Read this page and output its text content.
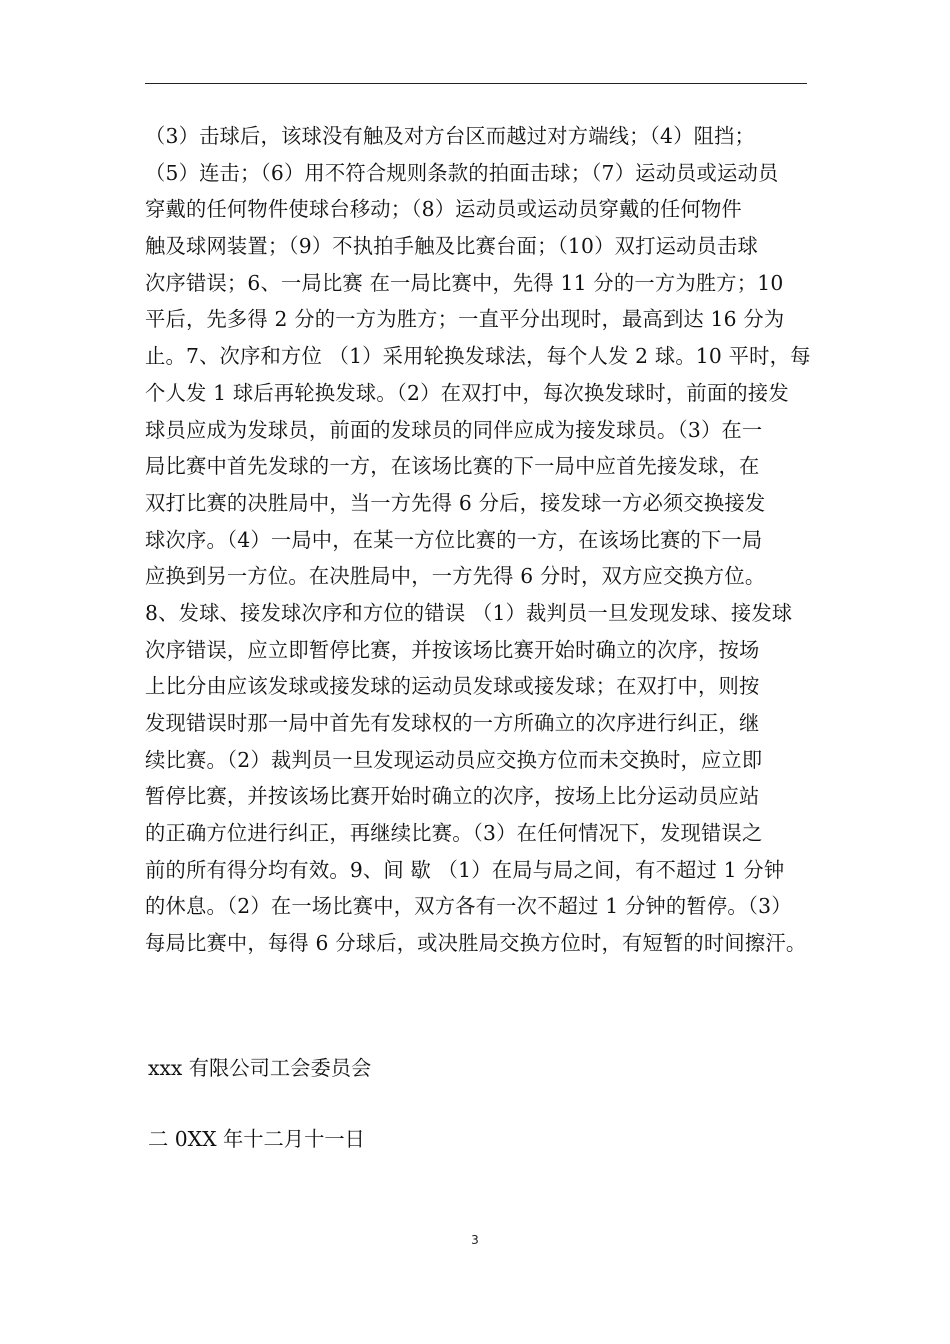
（3）击球后，该球没有触及对方台区而越过对方端线；（4）阻挡；
（5）连击；（6）用不符合规则条款的拍面击球；（7）运动员或运动员
穿戴的任何物件使球台移动；（8）运动员或运动员穿戴的任何物件
触及球网装置；（9）不执拍手触及比赛台面；（10）双打运动员击球
次序错误；6、一局比赛 在一局比赛中，先得 11 分的一方为胜方；10
平后，先多得 2 分的一方为胜方；一直平分出现时，最高到达 16 分为
止。7、次序和方位 （1）采用轮换发球法，每个人发 2 球。10 平时，每
个人发 1 球后再轮换发球。（2）在双打中，每次换发球时，前面的接发
球员应成为发球员，前面的发球员的同伴应成为接发球员。（3）在一
局比赛中首先发球的一方，在该场比赛的下一局中应首先接发球，在
双打比赛的决胜局中，当一方先得 6 分后，接发球一方必须交换接发
球次序。（4）一局中，在某一方位比赛的一方，在该场比赛的下一局
应换到另一方位。在决胜局中，一方先得 6 分时，双方应交换方位。
8、发球、接发球次序和方位的错误 （1）裁判员一旦发现发球、接发球
次序错误，应立即暂停比赛，并按该场比赛开始时确立的次序，按场
上比分由应该发球或接发球的运动员发球或接发球；在双打中，则按
发现错误时那一局中首先有发球权的一方所确立的次序进行纠正，继
续比赛。（2）裁判员一旦发现运动员应交换方位而未交换时，应立即
暂停比赛，并按该场比赛开始时确立的次序，按场上比分运动员应站
的正确方位进行纠正，再继续比赛。（3）在任何情况下，发现错误之
前的所有得分均有效。9、间 歇 （1）在局与局之间，有不超过 1 分钟
的休息。（2）在一场比赛中，双方各有一次不超过 1 分钟的暂停。（3）
每局比赛中，每得 6 分球后，或决胜局交换方位时，有短暂的时间擦汗。
xxx 有限公司工会委员会
二 0XX 年十二月十一日
3
